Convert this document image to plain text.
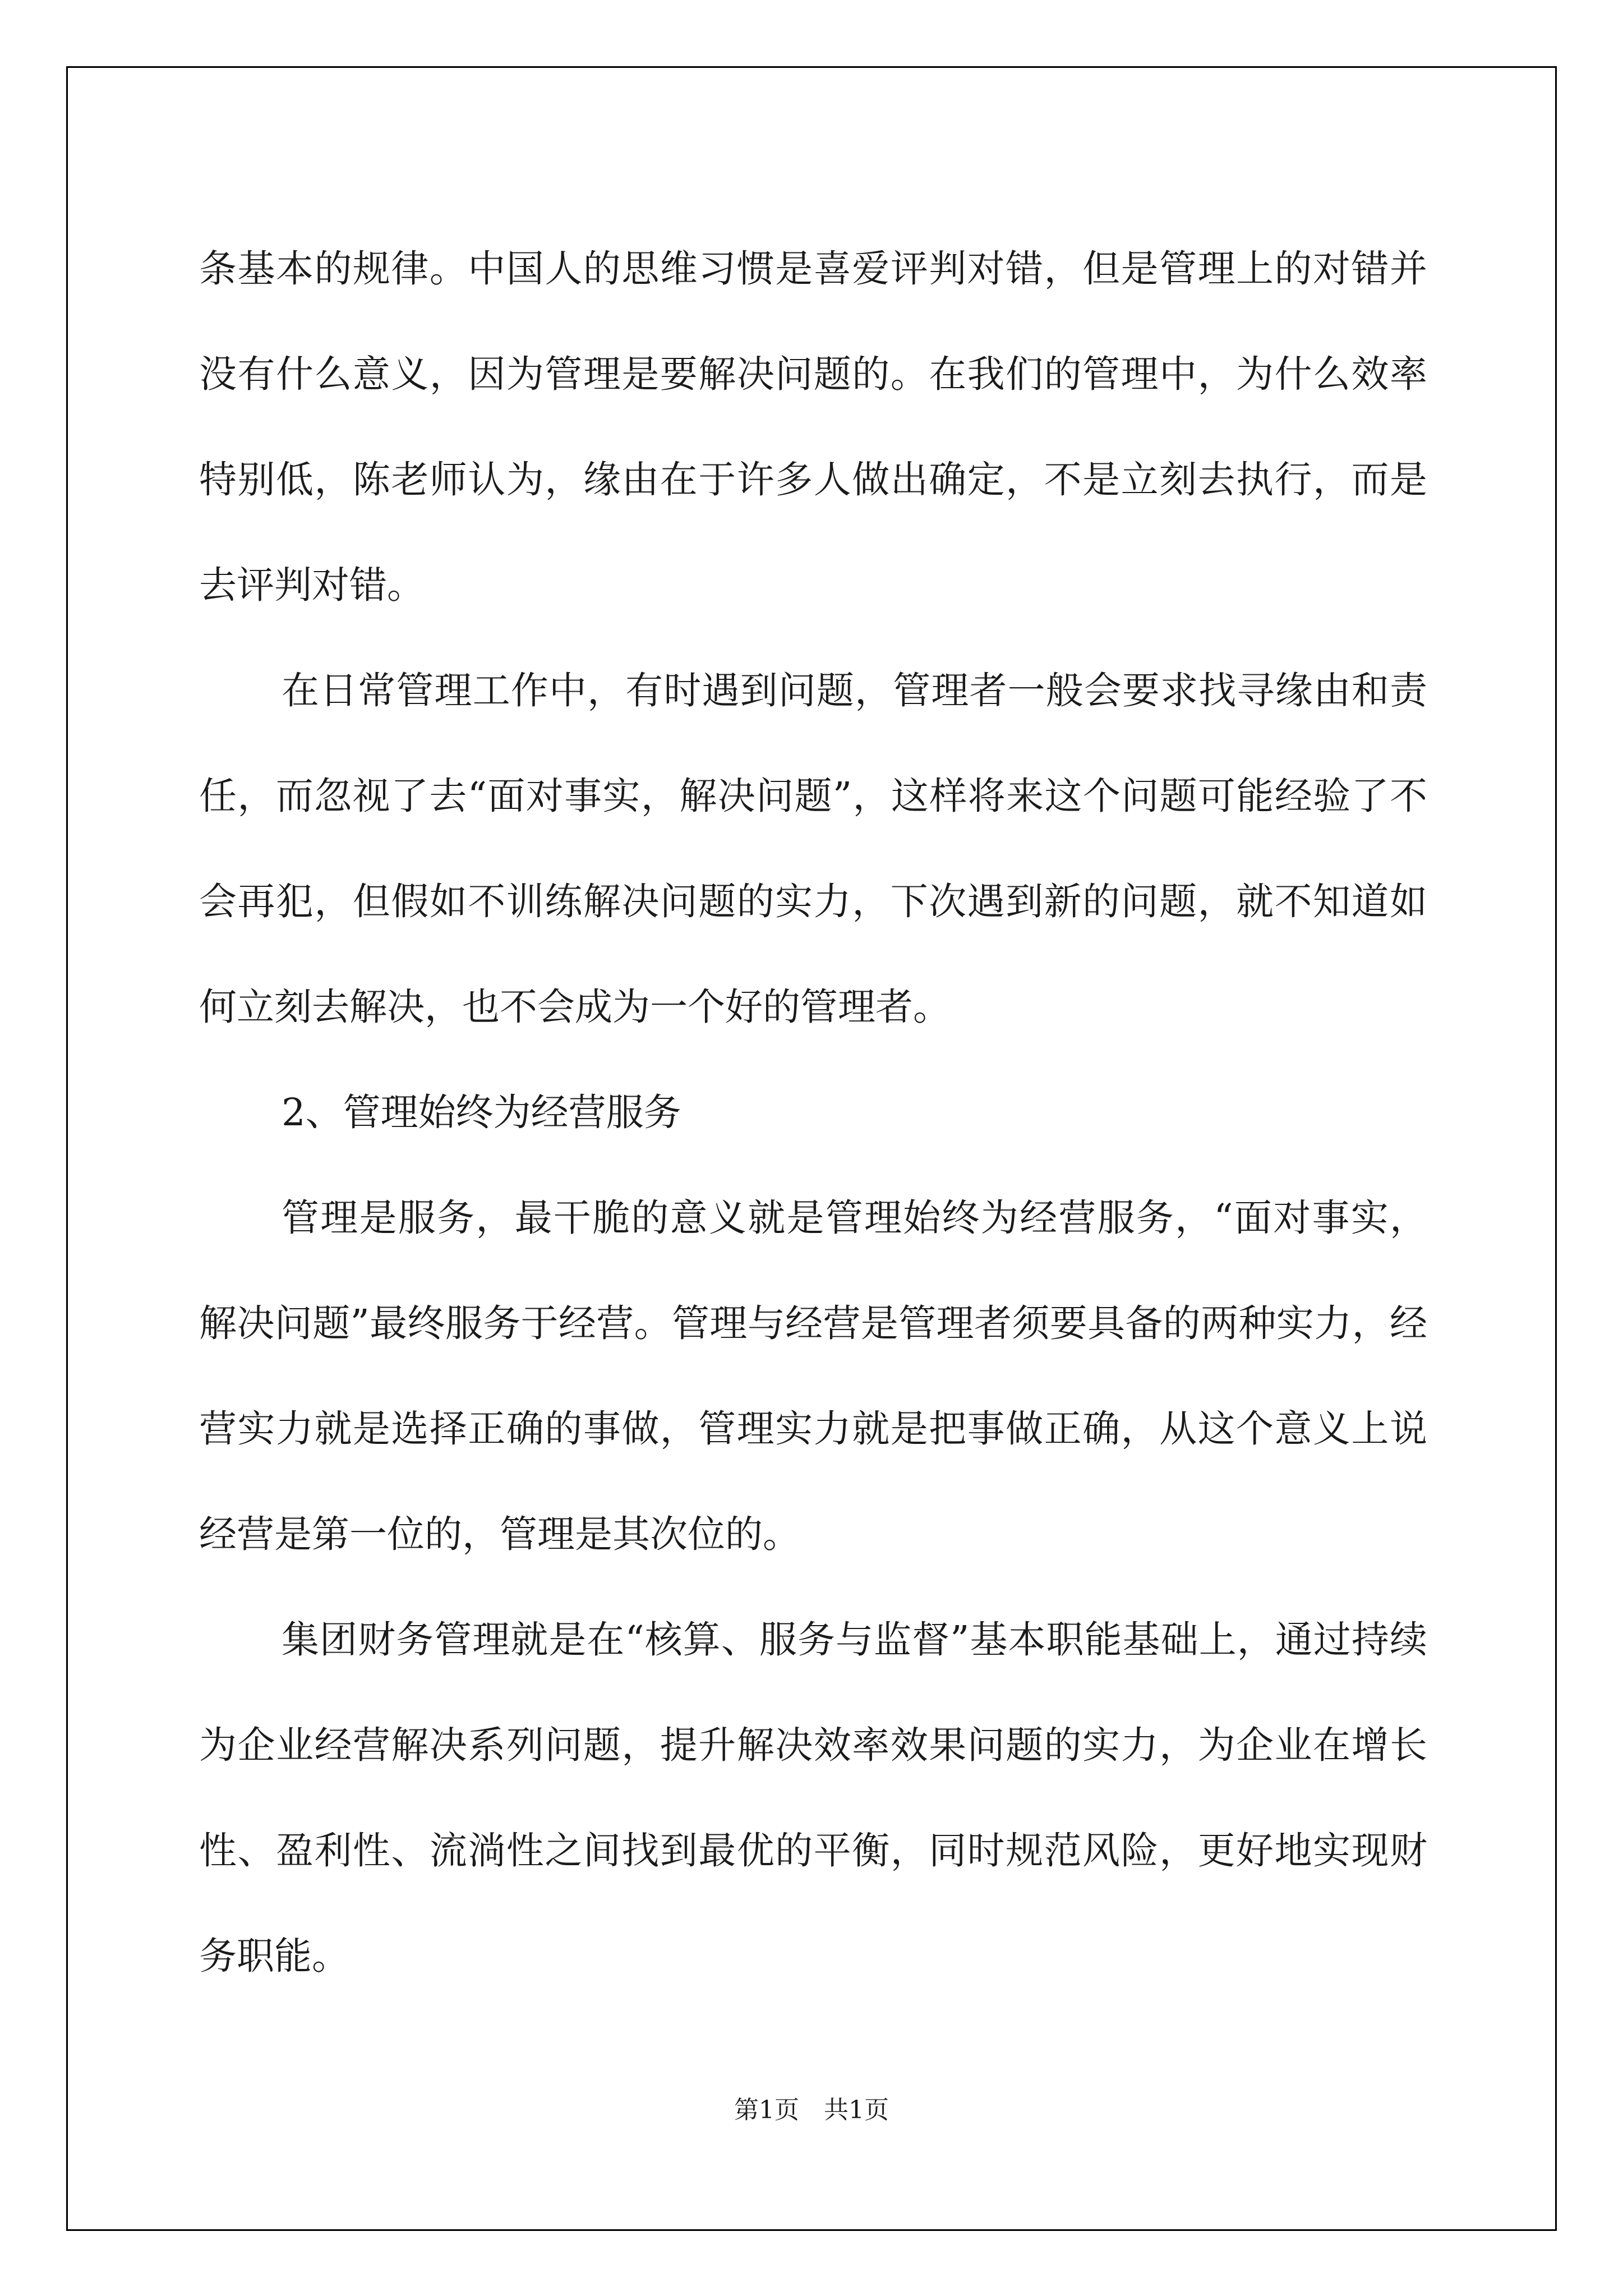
条基本的规律。中国人的思维习惯是喜爱评判对错，但是管理上的对错并没有什么意义，因为管理是要解决问题的。在我们的管理中，为什么效率特别低，陈老师认为，缘由在于许多人做出确定，不是立刻去执行，而是去评判对错。

在日常管理工作中，有时遇到问题，管理者一般会要求找寻缘由和责任，而忽视了去“面对事实，解决问题”，这样将来这个问题可能经验了不会再犯，但假如不训练解决问题的实力，下次遇到新的问题，就不知道如何立刻去解决，也不会成为一个好的管理者。

2、管理始终为经营服务

管理是服务，最干脆的意义就是管理始终为经营服务，“面对事实，解决问题”最终服务于经营。管理与经营是管理者须要具备的两种实力，经营实力就是选择正确的事做，管理实力就是把事做正确，从这个意义上说经营是第一位的，管理是其次位的。

集团财务管理就是在“核算、服务与监督”基本职能基础上，通过持续为企业经营解决系列问题，提升解决效率效果问题的实力，为企业在增长性、盈利性、流淌性之间找到最优的平衡，同时规范风险，更好地实现财务职能。

第1页　共1页
